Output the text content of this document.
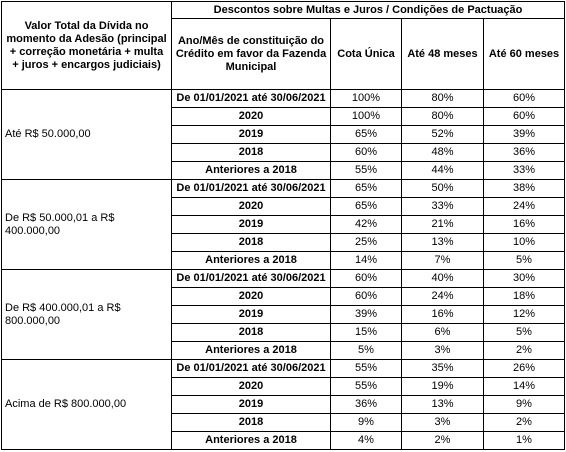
Valor Total da Dívida no momento da Adesão (principal + correção monetária + multa + juros + encargos judiciais)	Descontos sobre Multas e Juros / Condições de Pactuação			
	Ano/Mês de constituição do Crédito em favor da Fazenda Municipal	Cota Única	Até 48 meses	Até 60 meses
Até R$ 50.000,00	De 01/01/2021 até 30/06/2021	100%	80%	60%
	2020	100%	80%	60%
	2019	65%	52%	39%
	2018	60%	48%	36%
	Anteriores a 2018	55%	44%	33%
De R$ 50.000,01 a R$ 400.000,00	De 01/01/2021 até 30/06/2021	65%	50%	38%
	2020	65%	33%	24%
	2019	42%	21%	16%
	2018	25%	13%	10%
	Anteriores a 2018	14%	7%	5%
De R$ 400.000,01 a R$ 800.000,00	De 01/01/2021 até 30/06/2021	60%	40%	30%
	2020	60%	24%	18%
	2019	39%	16%	12%
	2018	15%	6%	5%
	Anteriores a 2018	5%	3%	2%
Acima de R$ 800.000,00	De 01/01/2021 até 30/06/2021	55%	35%	26%
	2020	55%	19%	14%
	2019	36%	13%	9%
	2018	9%	3%	2%
	Anteriores a 2018	4%	2%	1%
